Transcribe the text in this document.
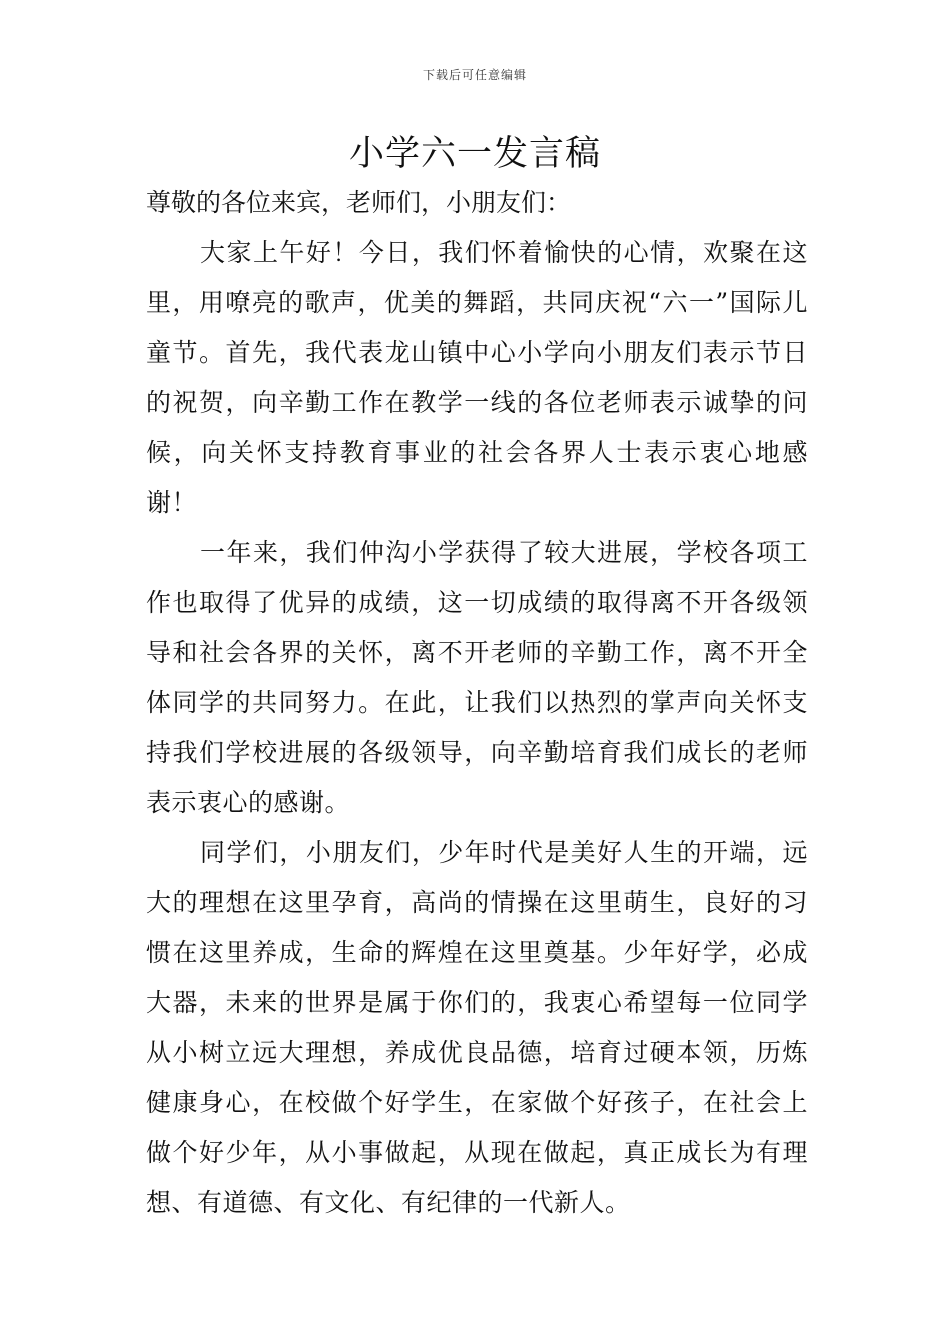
下载后可任意编辑
小学六一发言稿

尊敬的各位来宾，老师们，小朋友们：

大家上午好！今日，我们怀着愉快的心情，欢聚在这里，用嘹亮的歌声，优美的舞蹈，共同庆祝“六一”国际儿童节。首先，我代表龙山镇中心小学向小朋友们表示节日的祝贺，向辛勤工作在教学一线的各位老师表示诚挚的问候，向关怀支持教育事业的社会各界人士表示衷心地感谢！

一年来，我们仲沟小学获得了较大进展，学校各项工作也取得了优异的成绩，这一切成绩的取得离不开各级领导和社会各界的关怀，离不开老师的辛勤工作，离不开全体同学的共同努力。在此，让我们以热烈的掌声向关怀支持我们学校进展的各级领导，向辛勤培育我们成长的老师表示衷心的感谢。

同学们，小朋友们，少年时代是美好人生的开端，远大的理想在这里孕育，高尚的情操在这里萌生，良好的习惯在这里养成，生命的辉煌在这里奠基。少年好学，必成大器，未来的世界是属于你们的，我衷心希望每一位同学从小树立远大理想，养成优良品德，培育过硬本领，历炼健康身心，在校做个好学生，在家做个好孩子，在社会上做个好少年，从小事做起，从现在做起，真正成长为有理想、有道德、有文化、有纪律的一代新人。
